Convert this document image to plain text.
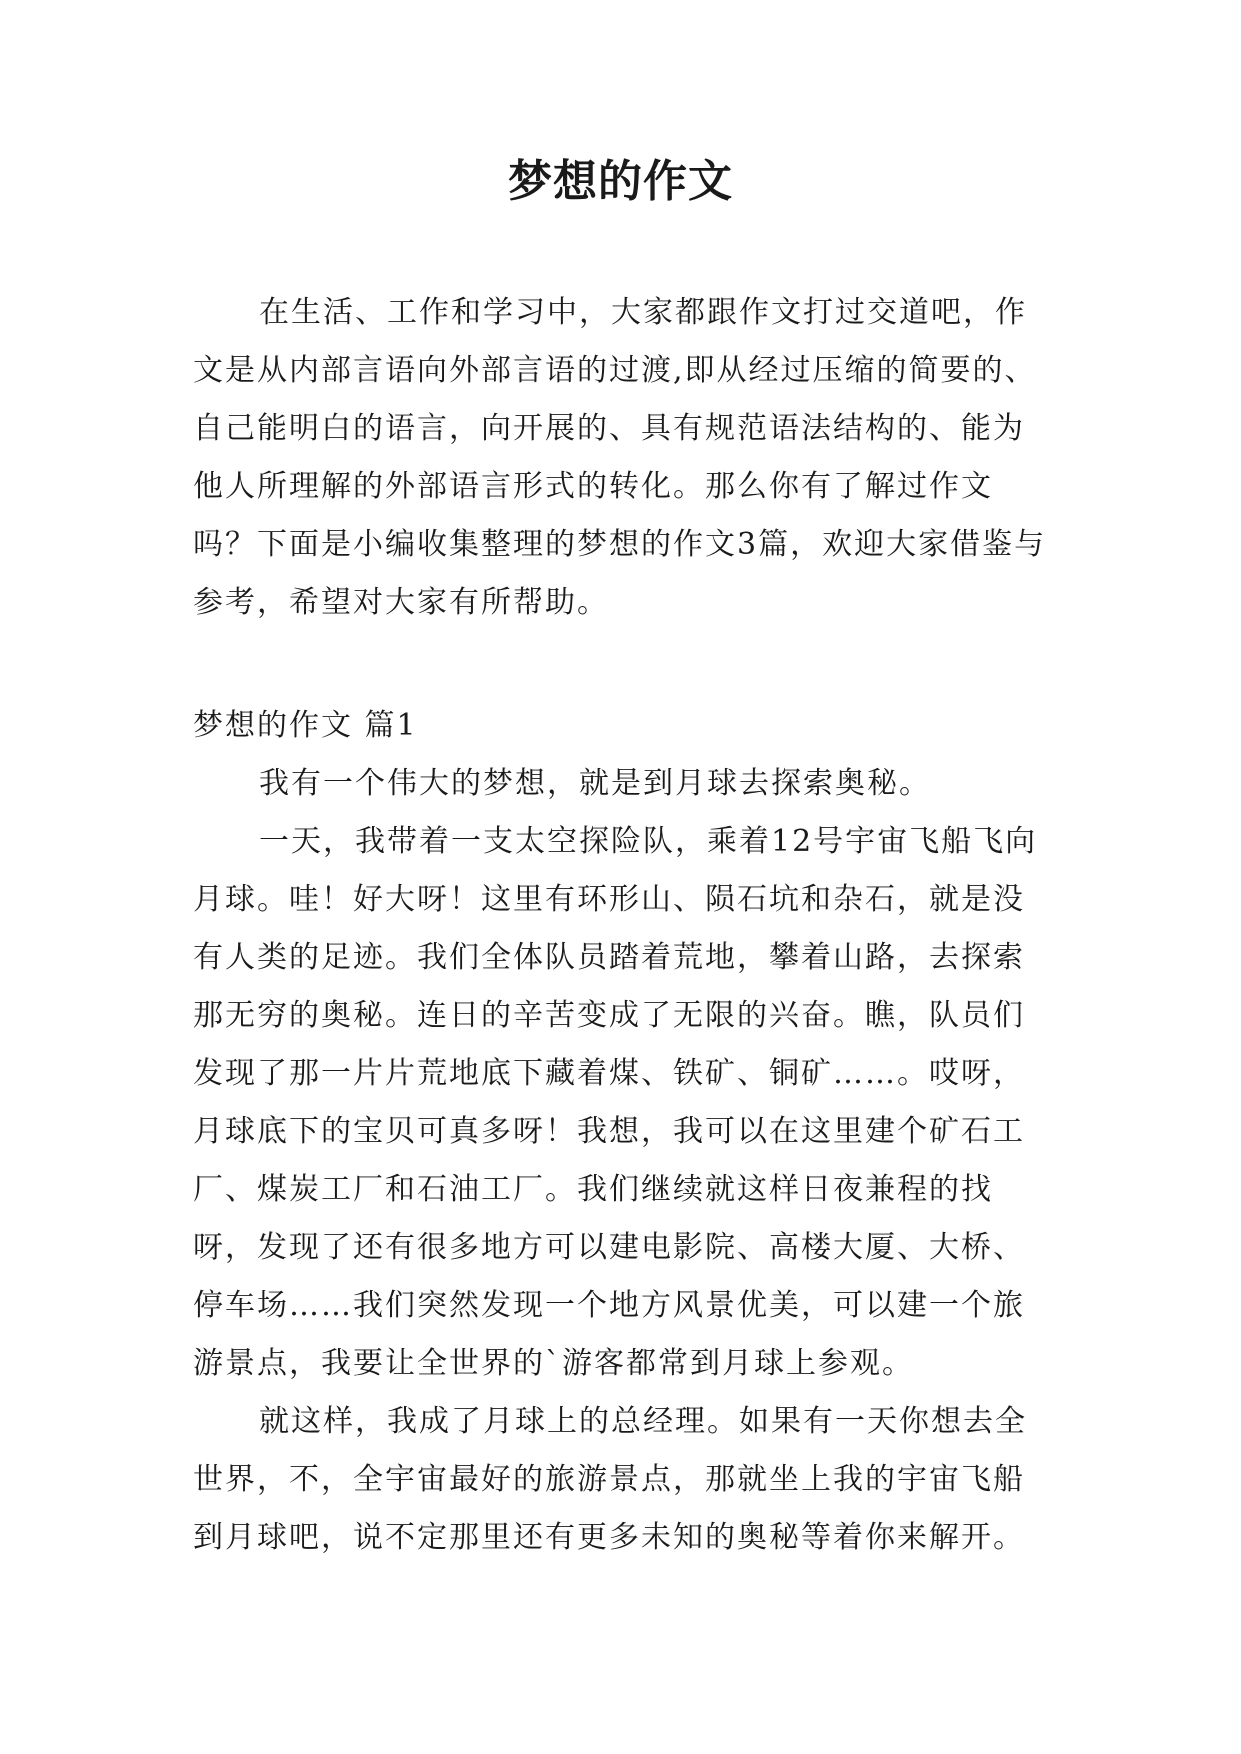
梦想的作文

在生活、工作和学习中，大家都跟作文打过交道吧，作文是从内部言语向外部言语的过渡,即从经过压缩的简要的、自己能明白的语言，向开展的、具有规范语法结构的、能为他人所理解的外部语言形式的转化。那么你有了解过作文吗？下面是小编收集整理的梦想的作文3篇，欢迎大家借鉴与参考，希望对大家有所帮助。

梦想的作文 篇1

我有一个伟大的梦想，就是到月球去探索奥秘。

一天，我带着一支太空探险队，乘着12号宇宙飞船飞向月球。哇！好大呀！这里有环形山、陨石坑和杂石，就是没有人类的足迹。我们全体队员踏着荒地，攀着山路，去探索那无穷的奥秘。连日的辛苦变成了无限的兴奋。瞧，队员们发现了那一片片荒地底下藏着煤、铁矿、铜矿……。哎呀，月球底下的宝贝可真多呀！我想，我可以在这里建个矿石工厂、煤炭工厂和石油工厂。我们继续就这样日夜兼程的找呀，发现了还有很多地方可以建电影院、高楼大厦、大桥、停车场……我们突然发现一个地方风景优美，可以建一个旅游景点，我要让全世界的`游客都常到月球上参观。

就这样，我成了月球上的总经理。如果有一天你想去全世界，不，全宇宙最好的旅游景点，那就坐上我的宇宙飞船到月球吧，说不定那里还有更多未知的奥秘等着你来解开。
